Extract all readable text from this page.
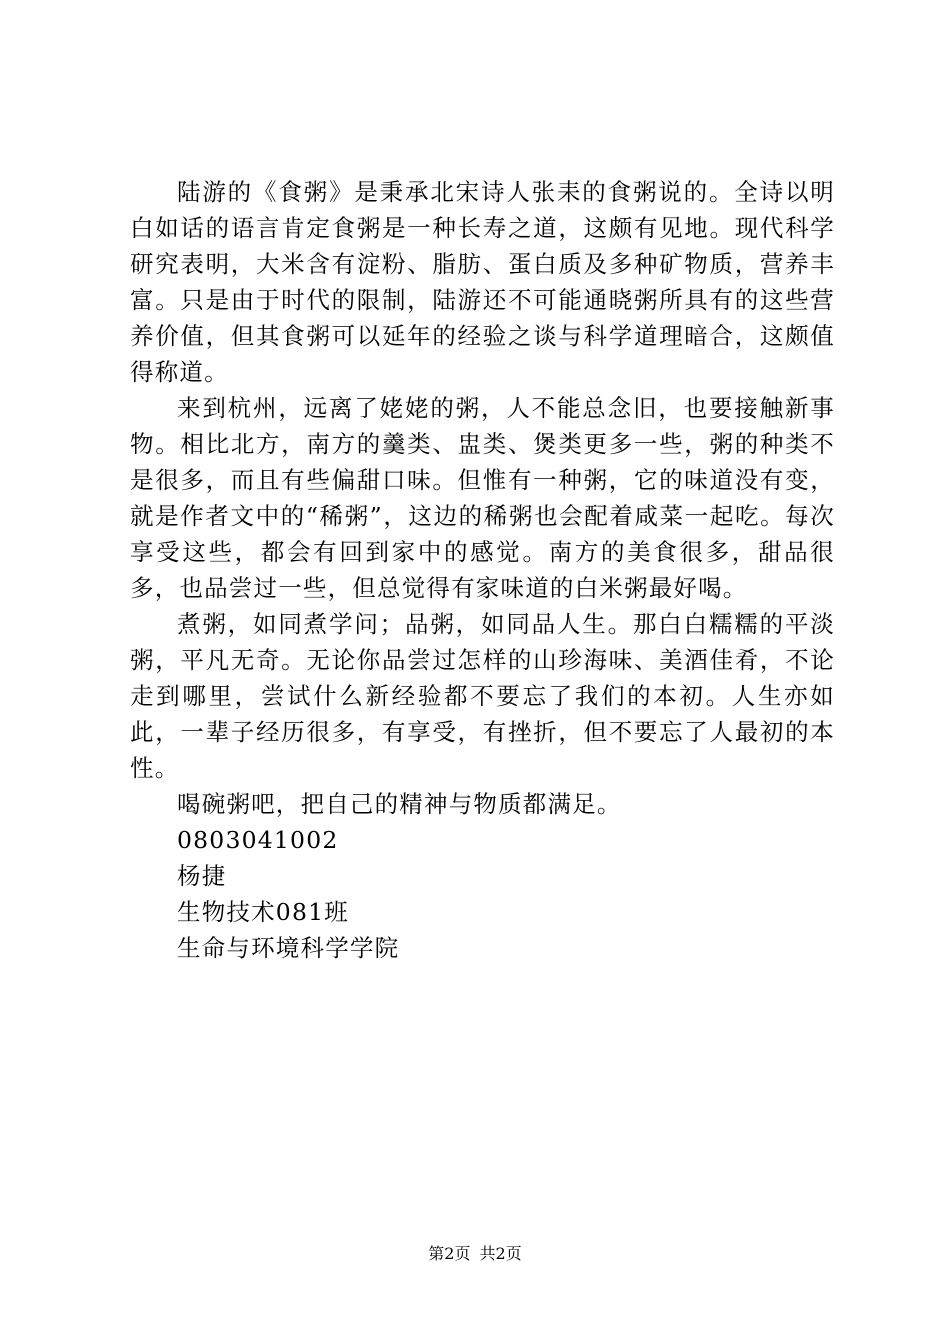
陆游的《食粥》是秉承北宋诗人张耒的食粥说的。全诗以明白如话的语言肯定食粥是一种长寿之道，这颇有见地。现代科学研究表明，大米含有淀粉、脂肪、蛋白质及多种矿物质，营养丰富。只是由于时代的限制，陆游还不可能通晓粥所具有的这些营养价值，但其食粥可以延年的经验之谈与科学道理暗合，这颇值得称道。

来到杭州，远离了姥姥的粥，人不能总念旧，也要接触新事物。相比北方，南方的羹类、盅类、煲类更多一些，粥的种类不是很多，而且有些偏甜口味。但惟有一种粥，它的味道没有变，就是作者文中的“稀粥”，这边的稀粥也会配着咸菜一起吃。每次享受这些，都会有回到家中的感觉。南方的美食很多，甜品很多，也品尝过一些，但总觉得有家味道的白米粥最好喝。

煮粥，如同煮学问；品粥，如同品人生。那白白糯糯的平淡粥，平凡无奇。无论你品尝过怎样的山珍海味、美酒佳肴，不论走到哪里，尝试什么新经验都不要忘了我们的本初。人生亦如此，一辈子经历很多，有享受，有挫折，但不要忘了人最初的本性。

喝碗粥吧，把自己的精神与物质都满足。

0803041002

杨捷

生物技术081班

生命与环境科学学院

第2页 共2页
